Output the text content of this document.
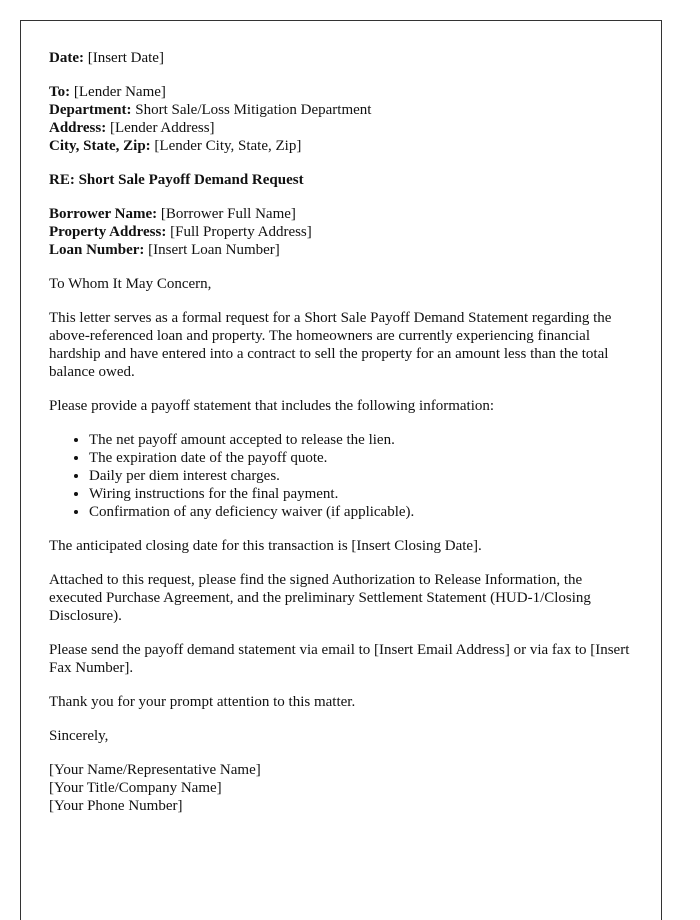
Date: [Insert Date]

To: [Lender Name]
Department: Short Sale/Loss Mitigation Department
Address: [Lender Address]
City, State, Zip: [Lender City, State, Zip]

RE: Short Sale Payoff Demand Request

Borrower Name: [Borrower Full Name]
Property Address: [Full Property Address]
Loan Number: [Insert Loan Number]

To Whom It May Concern,

This letter serves as a formal request for a Short Sale Payoff Demand Statement regarding the above-referenced loan and property. The homeowners are currently experiencing financial hardship and have entered into a contract to sell the property for an amount less than the total balance owed.

Please provide a payoff statement that includes the following information:

• The net payoff amount accepted to release the lien.
• The expiration date of the payoff quote.
• Daily per diem interest charges.
• Wiring instructions for the final payment.
• Confirmation of any deficiency waiver (if applicable).

The anticipated closing date for this transaction is [Insert Closing Date].

Attached to this request, please find the signed Authorization to Release Information, the executed Purchase Agreement, and the preliminary Settlement Statement (HUD-1/Closing Disclosure).

Please send the payoff demand statement via email to [Insert Email Address] or via fax to [Insert Fax Number].

Thank you for your prompt attention to this matter.

Sincerely,

[Your Name/Representative Name]
[Your Title/Company Name]
[Your Phone Number]
